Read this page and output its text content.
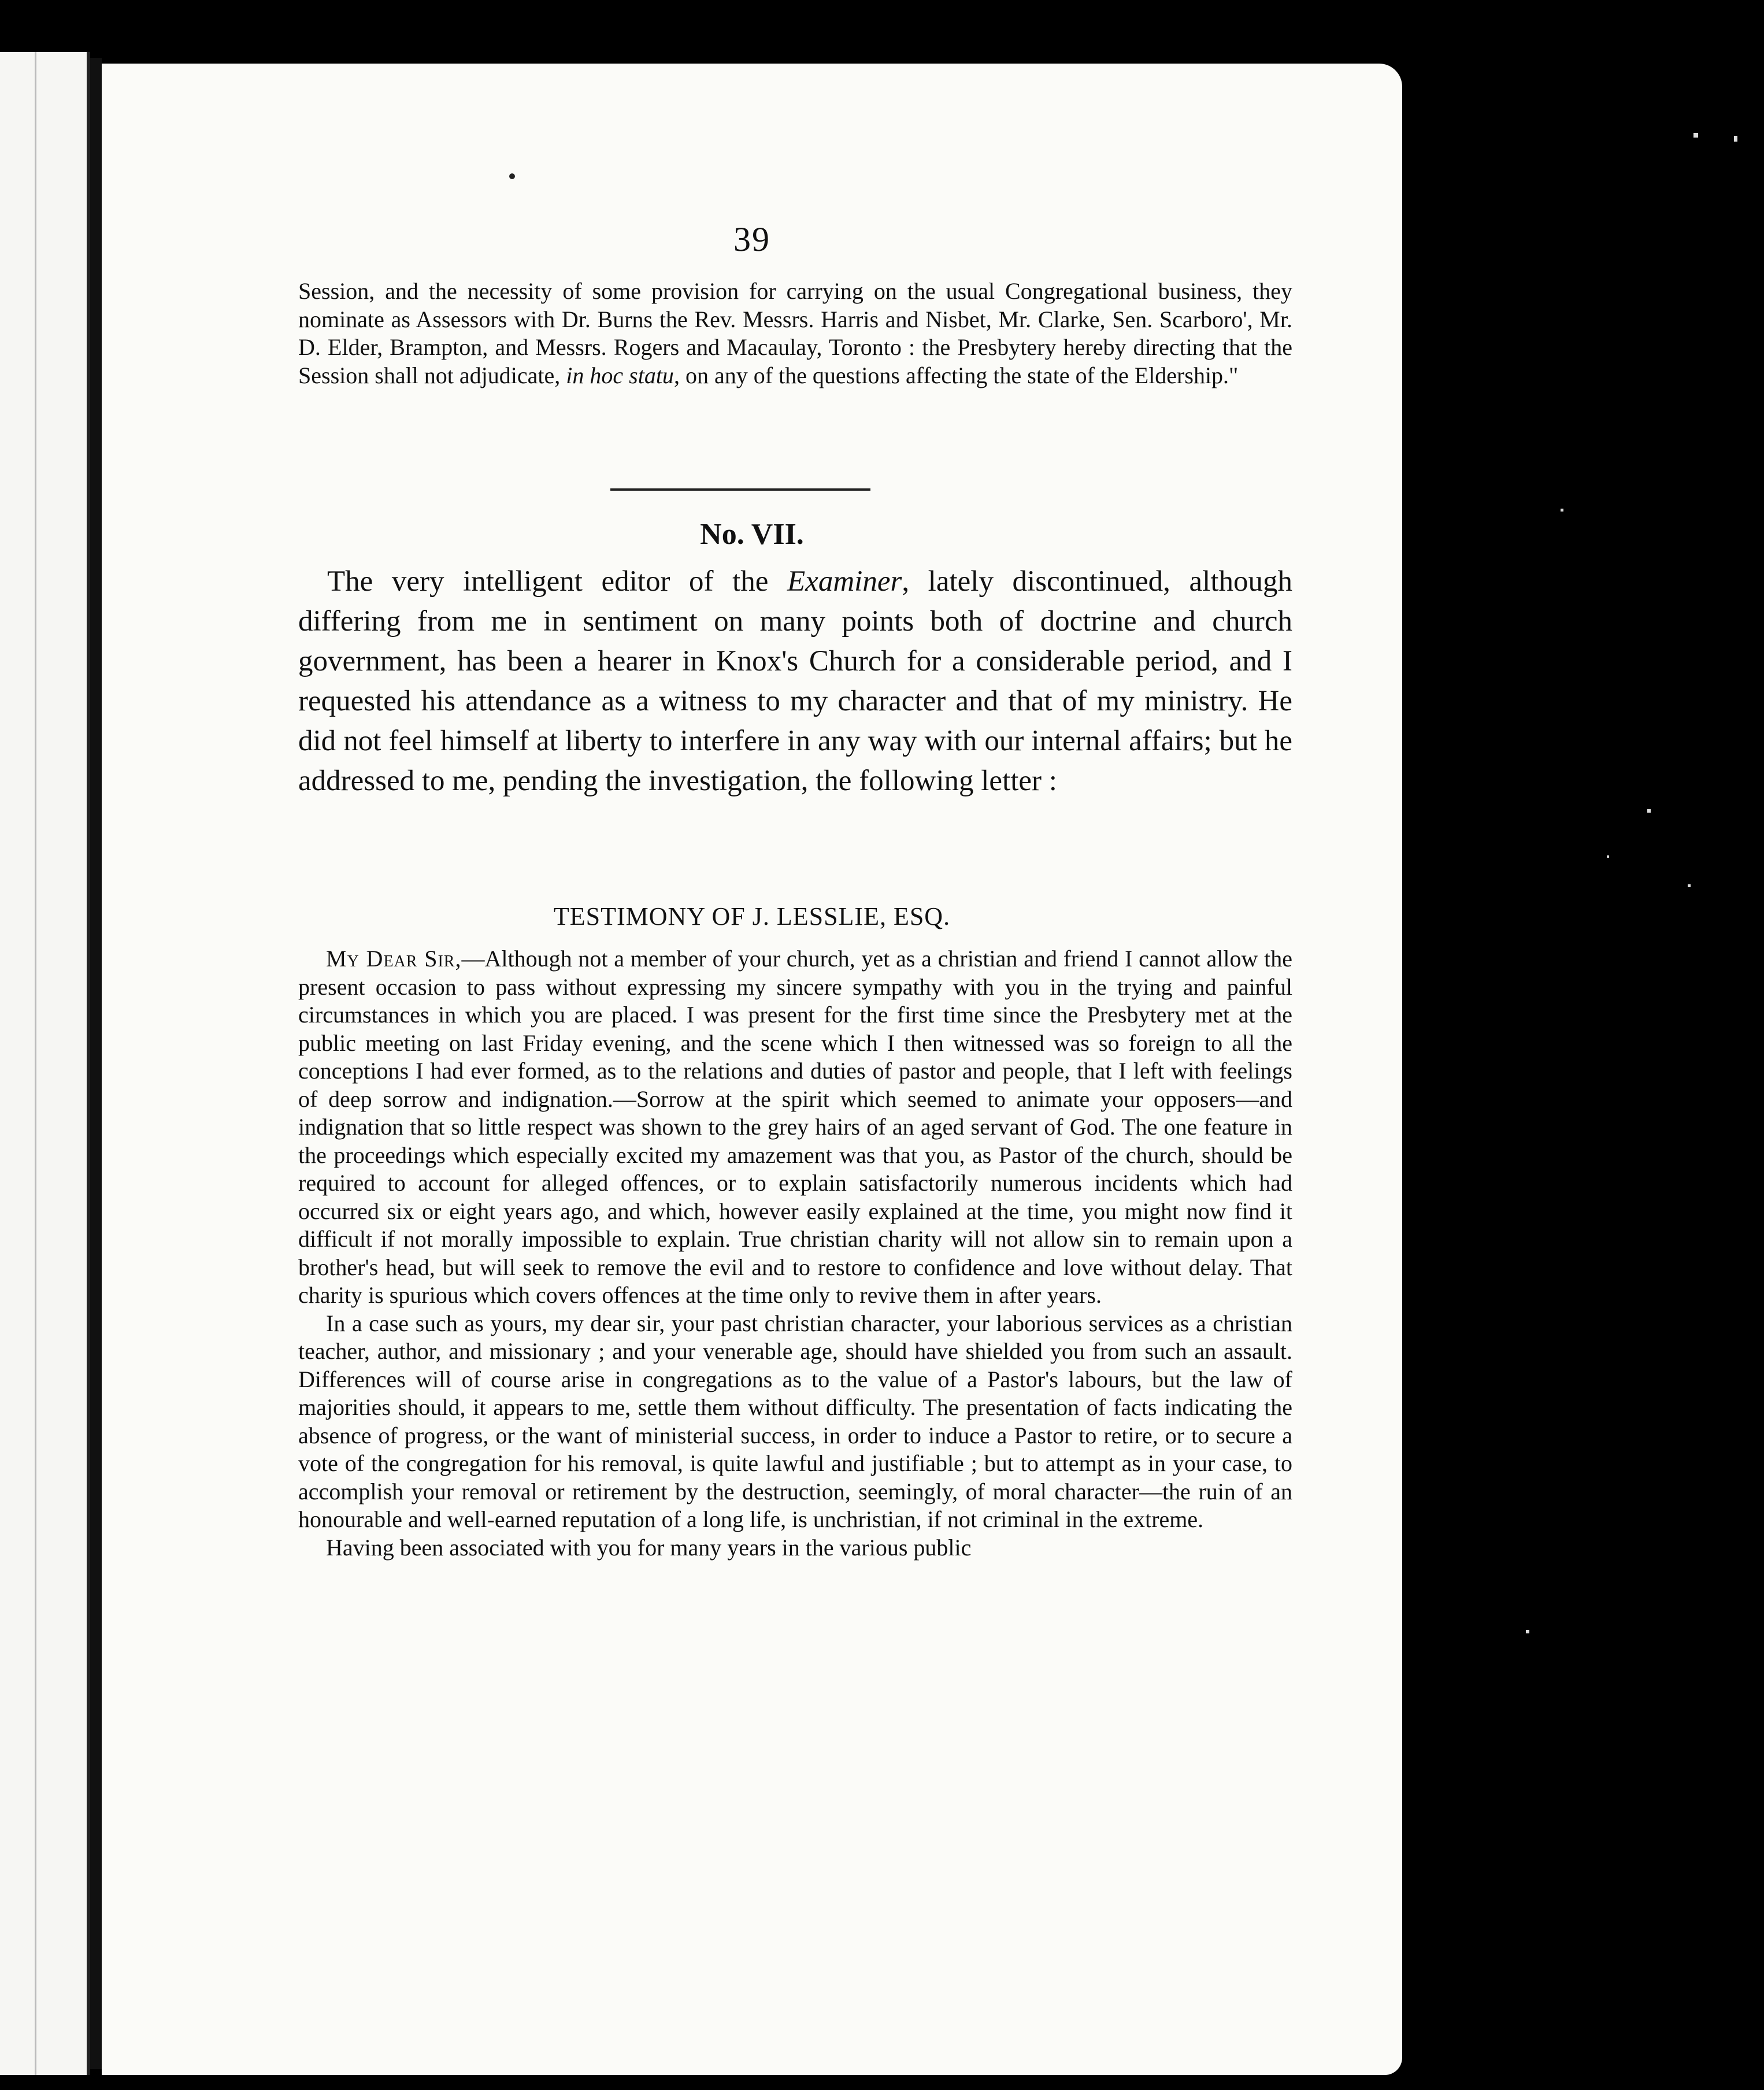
39

Session, and the necessity of some provision for carrying on the usual Congregational business, they nominate as Assessors with Dr. Burns the Rev. Messrs. Harris and Nisbet, Mr. Clarke, Sen. Scarboro', Mr. D. Elder, Brampton, and Messrs. Rogers and Macaulay, Toronto : the Presbytery hereby directing that the Session shall not adjudicate, in hoc statu, on any of the questions affecting the state of the Eldership."

No. VII.

The very intelligent editor of the Examiner, lately discontinued, although differing from me in sentiment on many points both of doctrine and church government, has been a hearer in Knox's Church for a considerable period, and I requested his attendance as a witness to my character and that of my ministry. He did not feel himself at liberty to interfere in any way with our internal affairs; but he addressed to me, pending the investigation, the following letter :

TESTIMONY OF J. LESSLIE, ESQ.

My Dear Sir,—Although not a member of your church, yet as a christian and friend I cannot allow the present occasion to pass without expressing my sincere sympathy with you in the trying and painful circumstances in which you are placed. I was present for the first time since the Presbytery met at the public meeting on last Friday evening, and the scene which I then witnessed was so foreign to all the conceptions I had ever formed, as to the relations and duties of pastor and people, that I left with feelings of deep sorrow and indignation.—Sorrow at the spirit which seemed to animate your opposers—and indignation that so little respect was shown to the grey hairs of an aged servant of God. The one feature in the proceedings which especially excited my amazement was that you, as Pastor of the church, should be required to account for alleged offences, or to explain satisfactorily numerous incidents which had occurred six or eight years ago, and which, however easily explained at the time, you might now find it difficult if not morally impossible to explain. True christian charity will not allow sin to remain upon a brother's head, but will seek to remove the evil and to restore to confidence and love without delay. That charity is spurious which covers offences at the time only to revive them in after years.

In a case such as yours, my dear sir, your past christian character, your laborious services as a christian teacher, author, and missionary ; and your venerable age, should have shielded you from such an assault. Differences will of course arise in congregations as to the value of a Pastor's labours, but the law of majorities should, it appears to me, settle them without difficulty. The presentation of facts indicating the absence of progress, or the want of ministerial success, in order to induce a Pastor to retire, or to secure a vote of the congregation for his removal, is quite lawful and justifiable ; but to attempt as in your case, to accomplish your removal or retirement by the destruction, seemingly, of moral character—the ruin of an honourable and well-earned reputation of a long life, is unchristian, if not criminal in the extreme.

Having been associated with you for many years in the various public
